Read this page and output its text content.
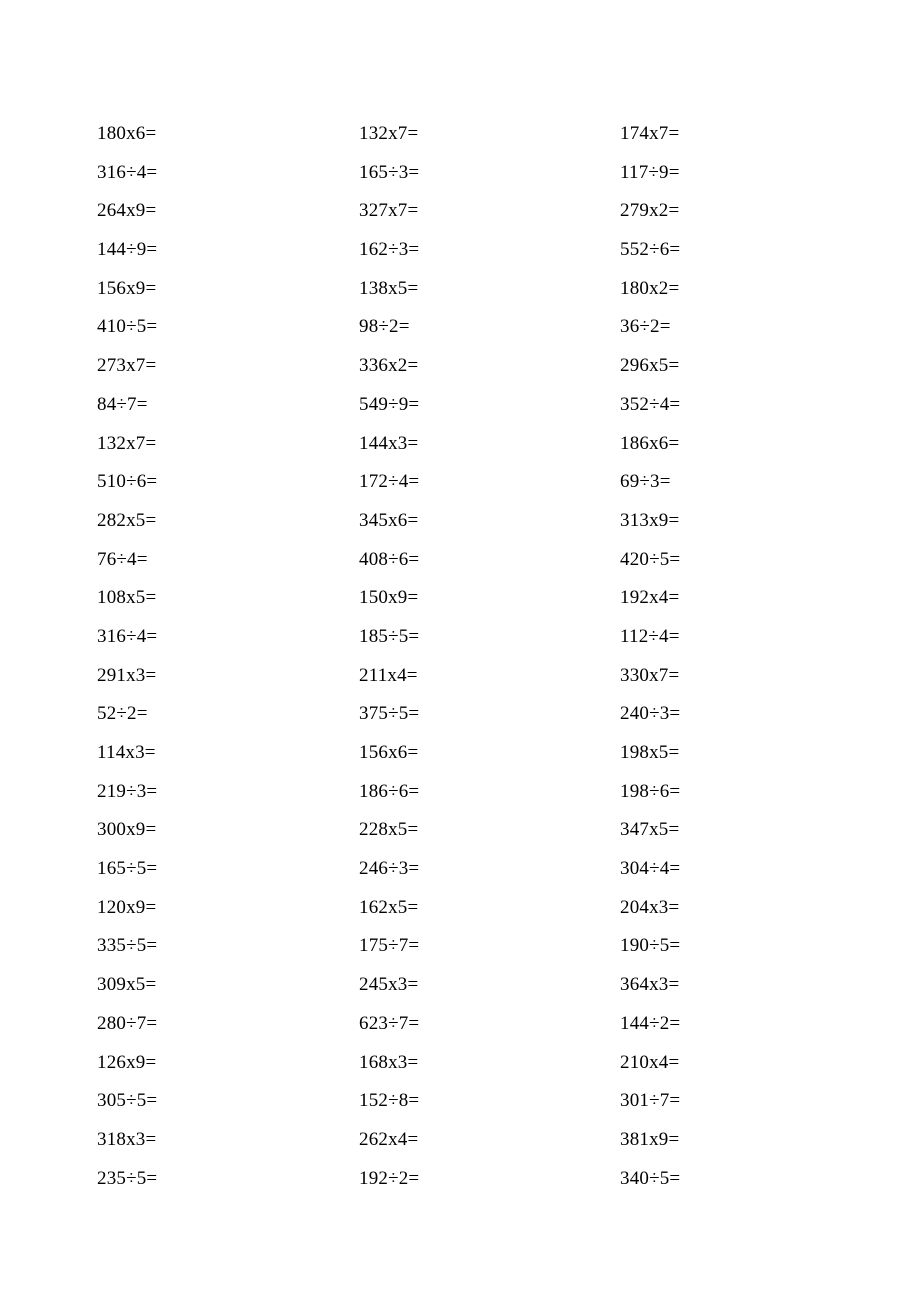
180x6=
316÷4=
264x9=
144÷9=
156x9=
410÷5=
273x7=
84÷7=
132x7=
510÷6=
282x5=
76÷4=
108x5=
316÷4=
291x3=
52÷2=
114x3=
219÷3=
300x9=
165÷5=
120x9=
335÷5=
309x5=
280÷7=
126x9=
305÷5=
318x3=
235÷5=
132x7=
165÷3=
327x7=
162÷3=
138x5=
98÷2=
336x2=
549÷9=
144x3=
172÷4=
345x6=
408÷6=
150x9=
185÷5=
211x4=
375÷5=
156x6=
186÷6=
228x5=
246÷3=
162x5=
175÷7=
245x3=
623÷7=
168x3=
152÷8=
262x4=
192÷2=
174x7=
117÷9=
279x2=
552÷6=
180x2=
36÷2=
296x5=
352÷4=
186x6=
69÷3=
313x9=
420÷5=
192x4=
112÷4=
330x7=
240÷3=
198x5=
198÷6=
347x5=
304÷4=
204x3=
190÷5=
364x3=
144÷2=
210x4=
301÷7=
381x9=
340÷5=
